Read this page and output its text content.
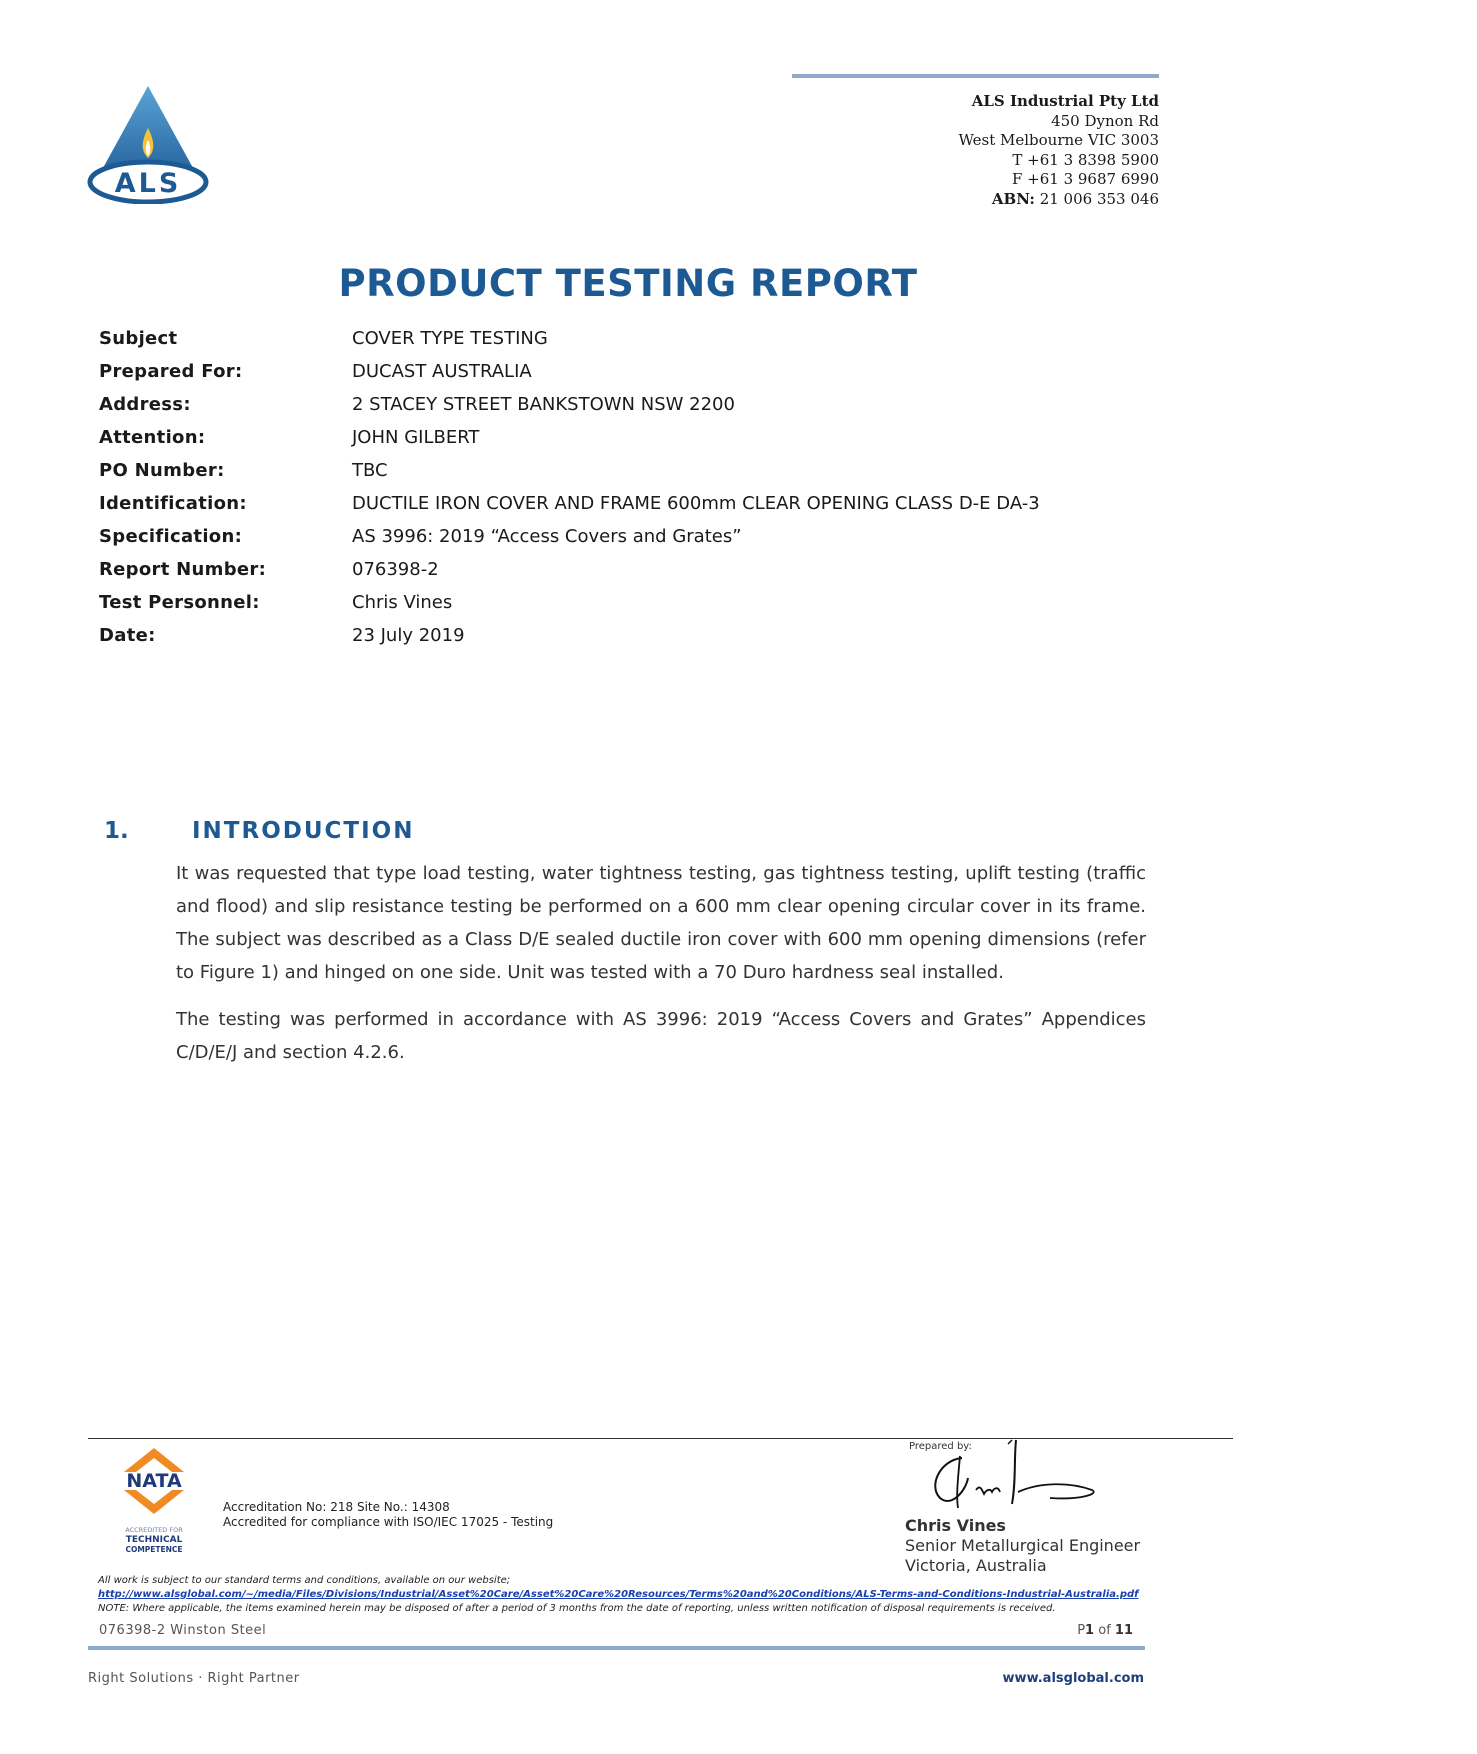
ALS
ALS Industrial Pty Ltd
450 Dynon Rd
West Melbourne VIC 3003
T +61 3 8398 5900
F +61 3 9687 6990
ABN: 21 006 353 046
PRODUCT TESTING REPORT
Subject	COVER TYPE TESTING
Prepared For:	DUCAST AUSTRALIA
Address:	2 STACEY STREET BANKSTOWN NSW 2200
Attention:	JOHN GILBERT
PO Number:	TBC
Identification:	DUCTILE IRON COVER AND FRAME 600mm CLEAR OPENING CLASS D-E DA-3
Specification:	AS 3996: 2019 “Access Covers and Grates”
Report Number:	076398-2
Test Personnel:	Chris Vines
Date:	23 July 2019
1.	INTRODUCTION
It was requested that type load testing, water tightness testing, gas tightness testing, uplift testing (traffic and flood) and slip resistance testing be performed on a 600 mm clear opening circular cover in its frame. The subject was described as a Class D/E sealed ductile iron cover with 600 mm opening dimensions (refer to Figure 1) and hinged on one side. Unit was tested with a 70 Duro hardness seal installed.
The testing was performed in accordance with AS 3996: 2019 “Access Covers and Grates” Appendices C/D/E/J and section 4.2.6.
NATA
ACCREDITED FOR
TECHNICAL
COMPETENCE
Accreditation No: 218 Site No.: 14308
Accredited for compliance with ISO/IEC 17025 - Testing
Prepared by:
Chris Vines
Senior Metallurgical Engineer
Victoria, Australia
All work is subject to our standard terms and conditions, available on our website;
http://www.alsglobal.com/~/media/Files/Divisions/Industrial/Asset%20Care/Asset%20Care%20Resources/Terms%20and%20Conditions/ALS-Terms-and-Conditions-Industrial-Australia.pdf
NOTE: Where applicable, the items examined herein may be disposed of after a period of 3 months from the date of reporting, unless written notification of disposal requirements is received.
076398-2 Winston Steel	P1 of 11
Right Solutions · Right Partner	www.alsglobal.com
